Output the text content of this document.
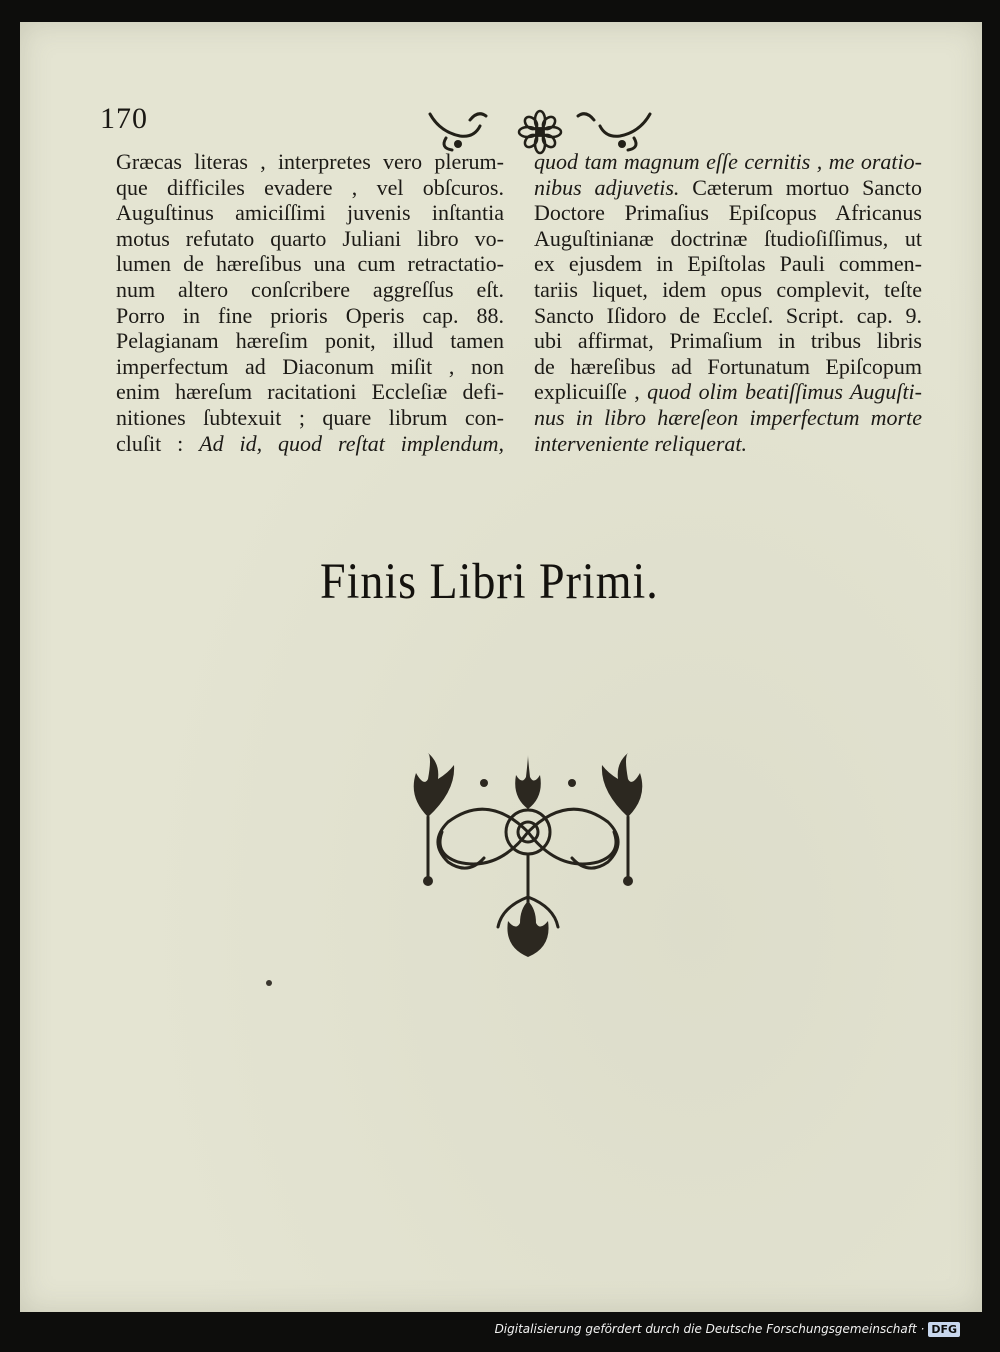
170
Græcas literas , interpretes vero plerum-
que difficiles evadere , vel obſcuros.
Auguſtinus amiciſſimi juvenis inſtantia
motus refutato quarto Juliani libro vo-
lumen de hæreſibus una cum retractatio-
num altero conſcribere aggreſſus eſt.
Porro in fine prioris Operis cap. 88.
Pelagianam hæreſim ponit, illud tamen
imperfectum ad Diaconum miſit , non
enim hæreſum racitationi Eccleſiæ defi-
nitiones ſubtexuit ; quare librum con-
cluſit : Ad id, quod reſtat implendum,
quod tam magnum eſſe cernitis , me oratio-
nibus adjuvetis. Cæterum mortuo Sancto
Doctore Primaſius Epiſcopus Africanus
Auguſtinianæ doctrinæ ſtudioſiſſimus, ut
ex ejusdem in Epiſtolas Pauli commen-
tariis liquet, idem opus complevit, teſte
Sancto Iſidoro de Eccleſ. Script. cap. 9.
ubi affirmat, Primaſium in tribus libris
de hæreſibus ad Fortunatum Epiſcopum
explicuiſſe , quod olim beatiſſimus Auguſti-
nus in libro hæreſeon imperfectum morte
interveniente reliquerat.
Finis Libri Primi.
Digitalisierung gefördert durch die Deutsche Forschungsgemeinschaft · DFG
